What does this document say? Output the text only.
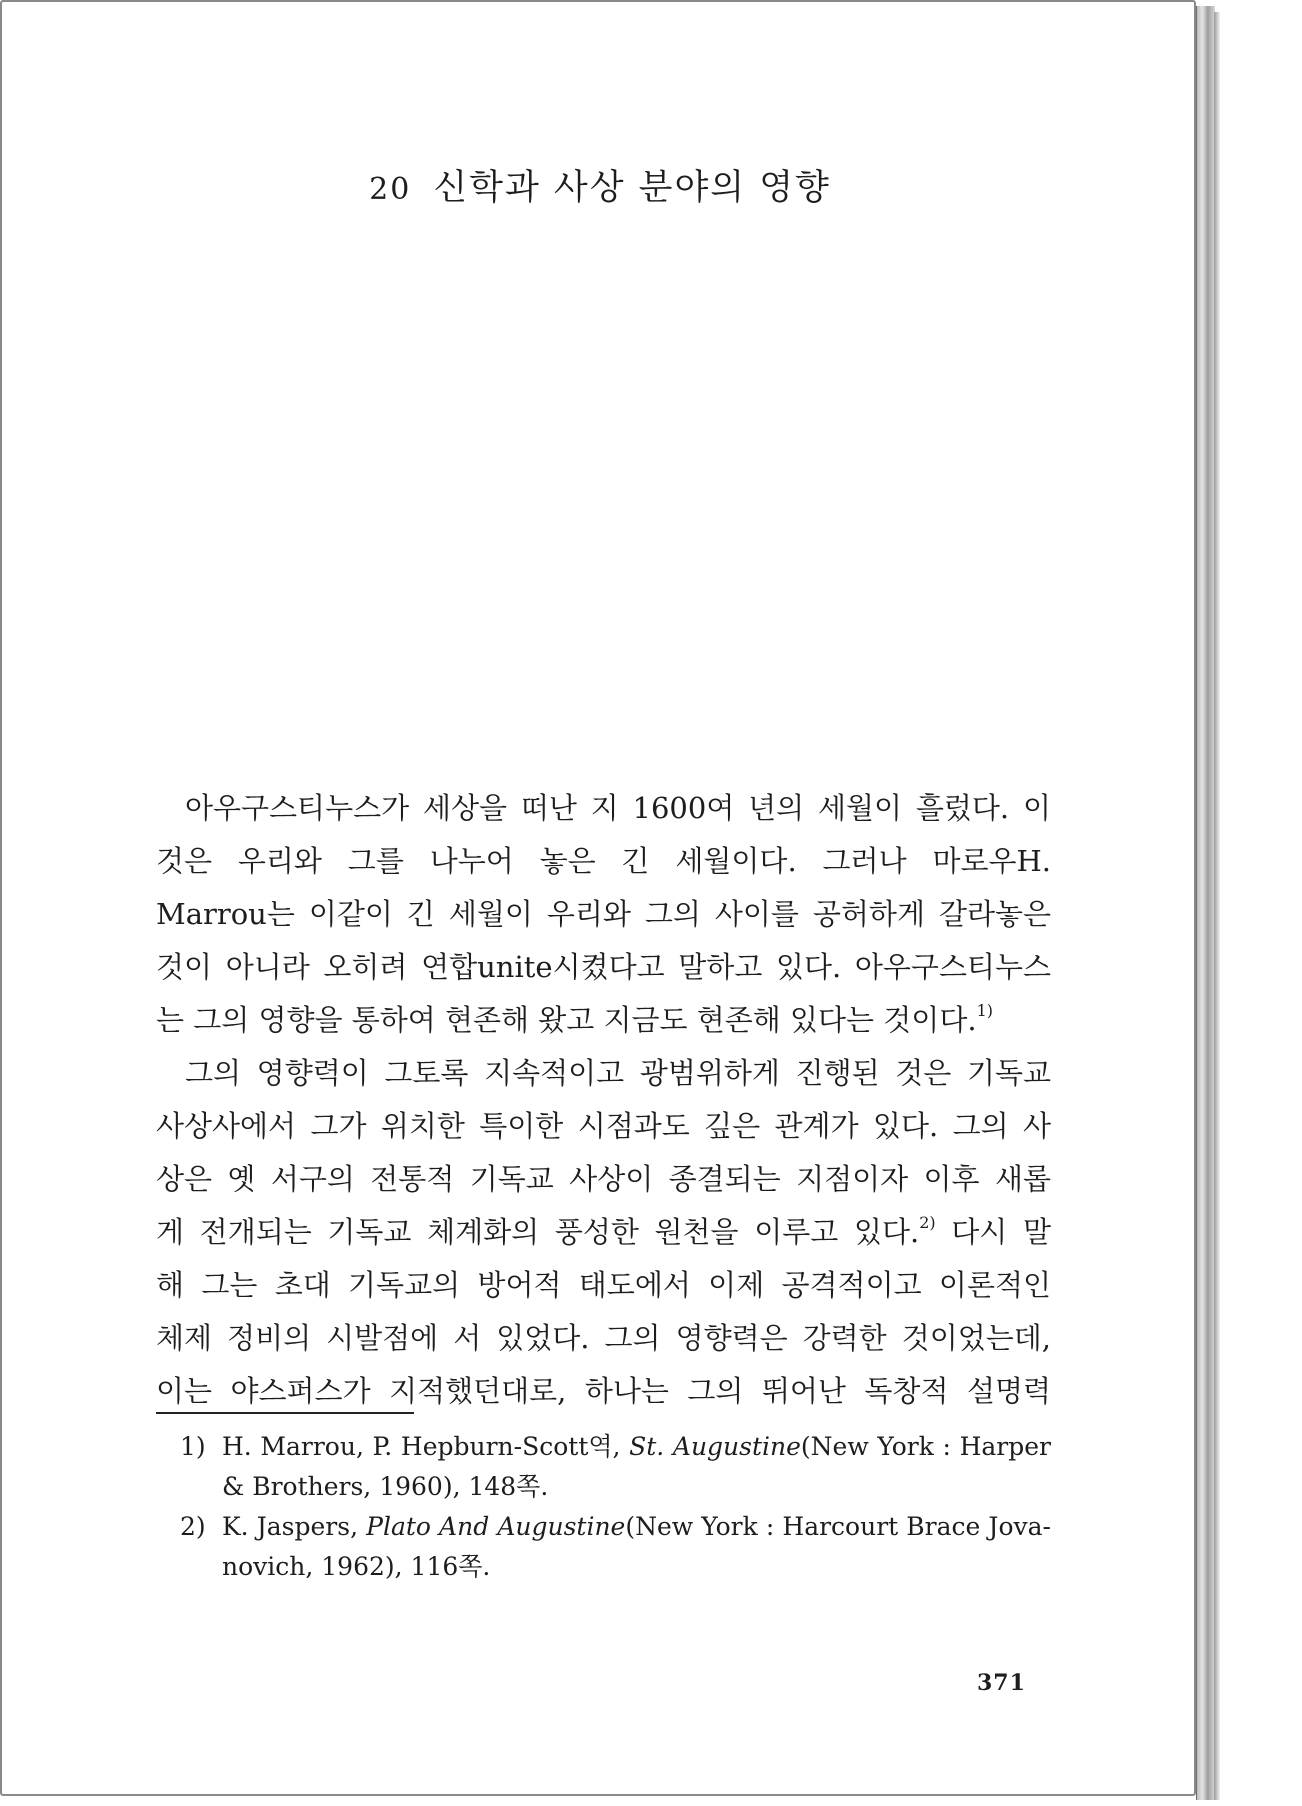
20 신학과 사상 분야의 영향

아우구스티누스가 세상을 떠난 지 1600여 년의 세월이 흘렀다. 이
것은 우리와 그를 나누어 놓은 긴 세월이다. 그러나 마로우H.
Marrou는 이같이 긴 세월이 우리와 그의 사이를 공허하게 갈라놓은
것이 아니라 오히려 연합unite시켰다고 말하고 있다. 아우구스티누스
는 그의 영향을 통하여 현존해 왔고 지금도 현존해 있다는 것이다.$^{1)}$

그의 영향력이 그토록 지속적이고 광범위하게 진행된 것은 기독교
사상사에서 그가 위치한 특이한 시점과도 깊은 관계가 있다. 그의 사
상은 옛 서구의 전통적 기독교 사상이 종결되는 지점이자 이후 새롭
게 전개되는 기독교 체계화의 풍성한 원천을 이루고 있다.$^{2)}$ 다시 말
해 그는 초대 기독교의 방어적 태도에서 이제 공격적이고 이론적인
체제 정비의 시발점에 서 있었다. 그의 영향력은 강력한 것이었는데,
이는 야스퍼스가 지적했던대로, 하나는 그의 뛰어난 독창적 설명력

1) H. Marrou, P. Hepburn-Scott역, St. Augustine(New York : Harper
& Brothers, 1960), 148쪽.
2) K. Jaspers, Plato And Augustine(New York : Harcourt Brace Jova-
novich, 1962), 116쪽.
371
